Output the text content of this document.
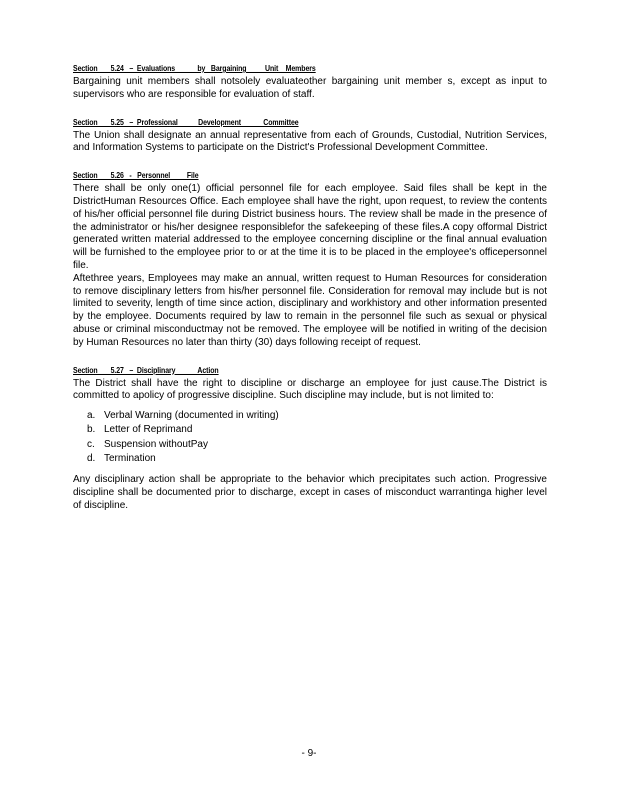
Section       5.24   –  Evaluations            by   Bargaining          Unit    Members

Bargaining unit members shall notsolely evaluateother bargaining unit member s, except as input to supervisors who are responsible for evaluation of staff.

Section       5.25   –  Professional           Development            Committee

The Union shall designate an annual representative from each of Grounds, Custodial, Nutrition Services, and Information Systems to participate on the District's Professional Development Committee.

Section       5.26   -   Personnel         File

There shall be only one(1) official personnel file for each employee. Said files shall be kept in the DistrictHuman Resources Office. Each employee shall have the right, upon request, to review the contents of his/her official personnel file during District business hours. The review shall be made in the presence of the administrator or his/her designee responsiblefor the safekeeping of these files.A copy offormal District generated written material addressed to the employee concerning discipline or the final annual evaluation will be furnished to the employee prior to or at the time it is to be placed in the employee's officepersonnel file.

Aftethree years, Employees may make an annual, written request to Human Resources for consideration to remove disciplinary letters from his/her personnel file. Consideration for removal may include but is not limited to severity, length of time since action, disciplinary and workhistory and other information presented by the employee. Documents required by law to remain in the personnel file such as sexual or physical abuse or criminal misconductmay not be removed. The employee will be notified in writing of the decision by Human Resources no later than thirty (30) days following receipt of request.

Section       5.27   –  Disciplinary            Action

The District shall have the right to discipline or discharge an employee for just cause.The District is committed to apolicy of progressive discipline. Such discipline may include, but is not limited to:

a. Verbal Warning (documented in writing)
b. Letter of Reprimand
c. Suspension withoutPay
d. Termination

Any disciplinary action shall be appropriate to the behavior which precipitates such action. Progressive discipline shall be documented prior to discharge, except in cases of misconduct warrantinga higher level of discipline.

- 9-
